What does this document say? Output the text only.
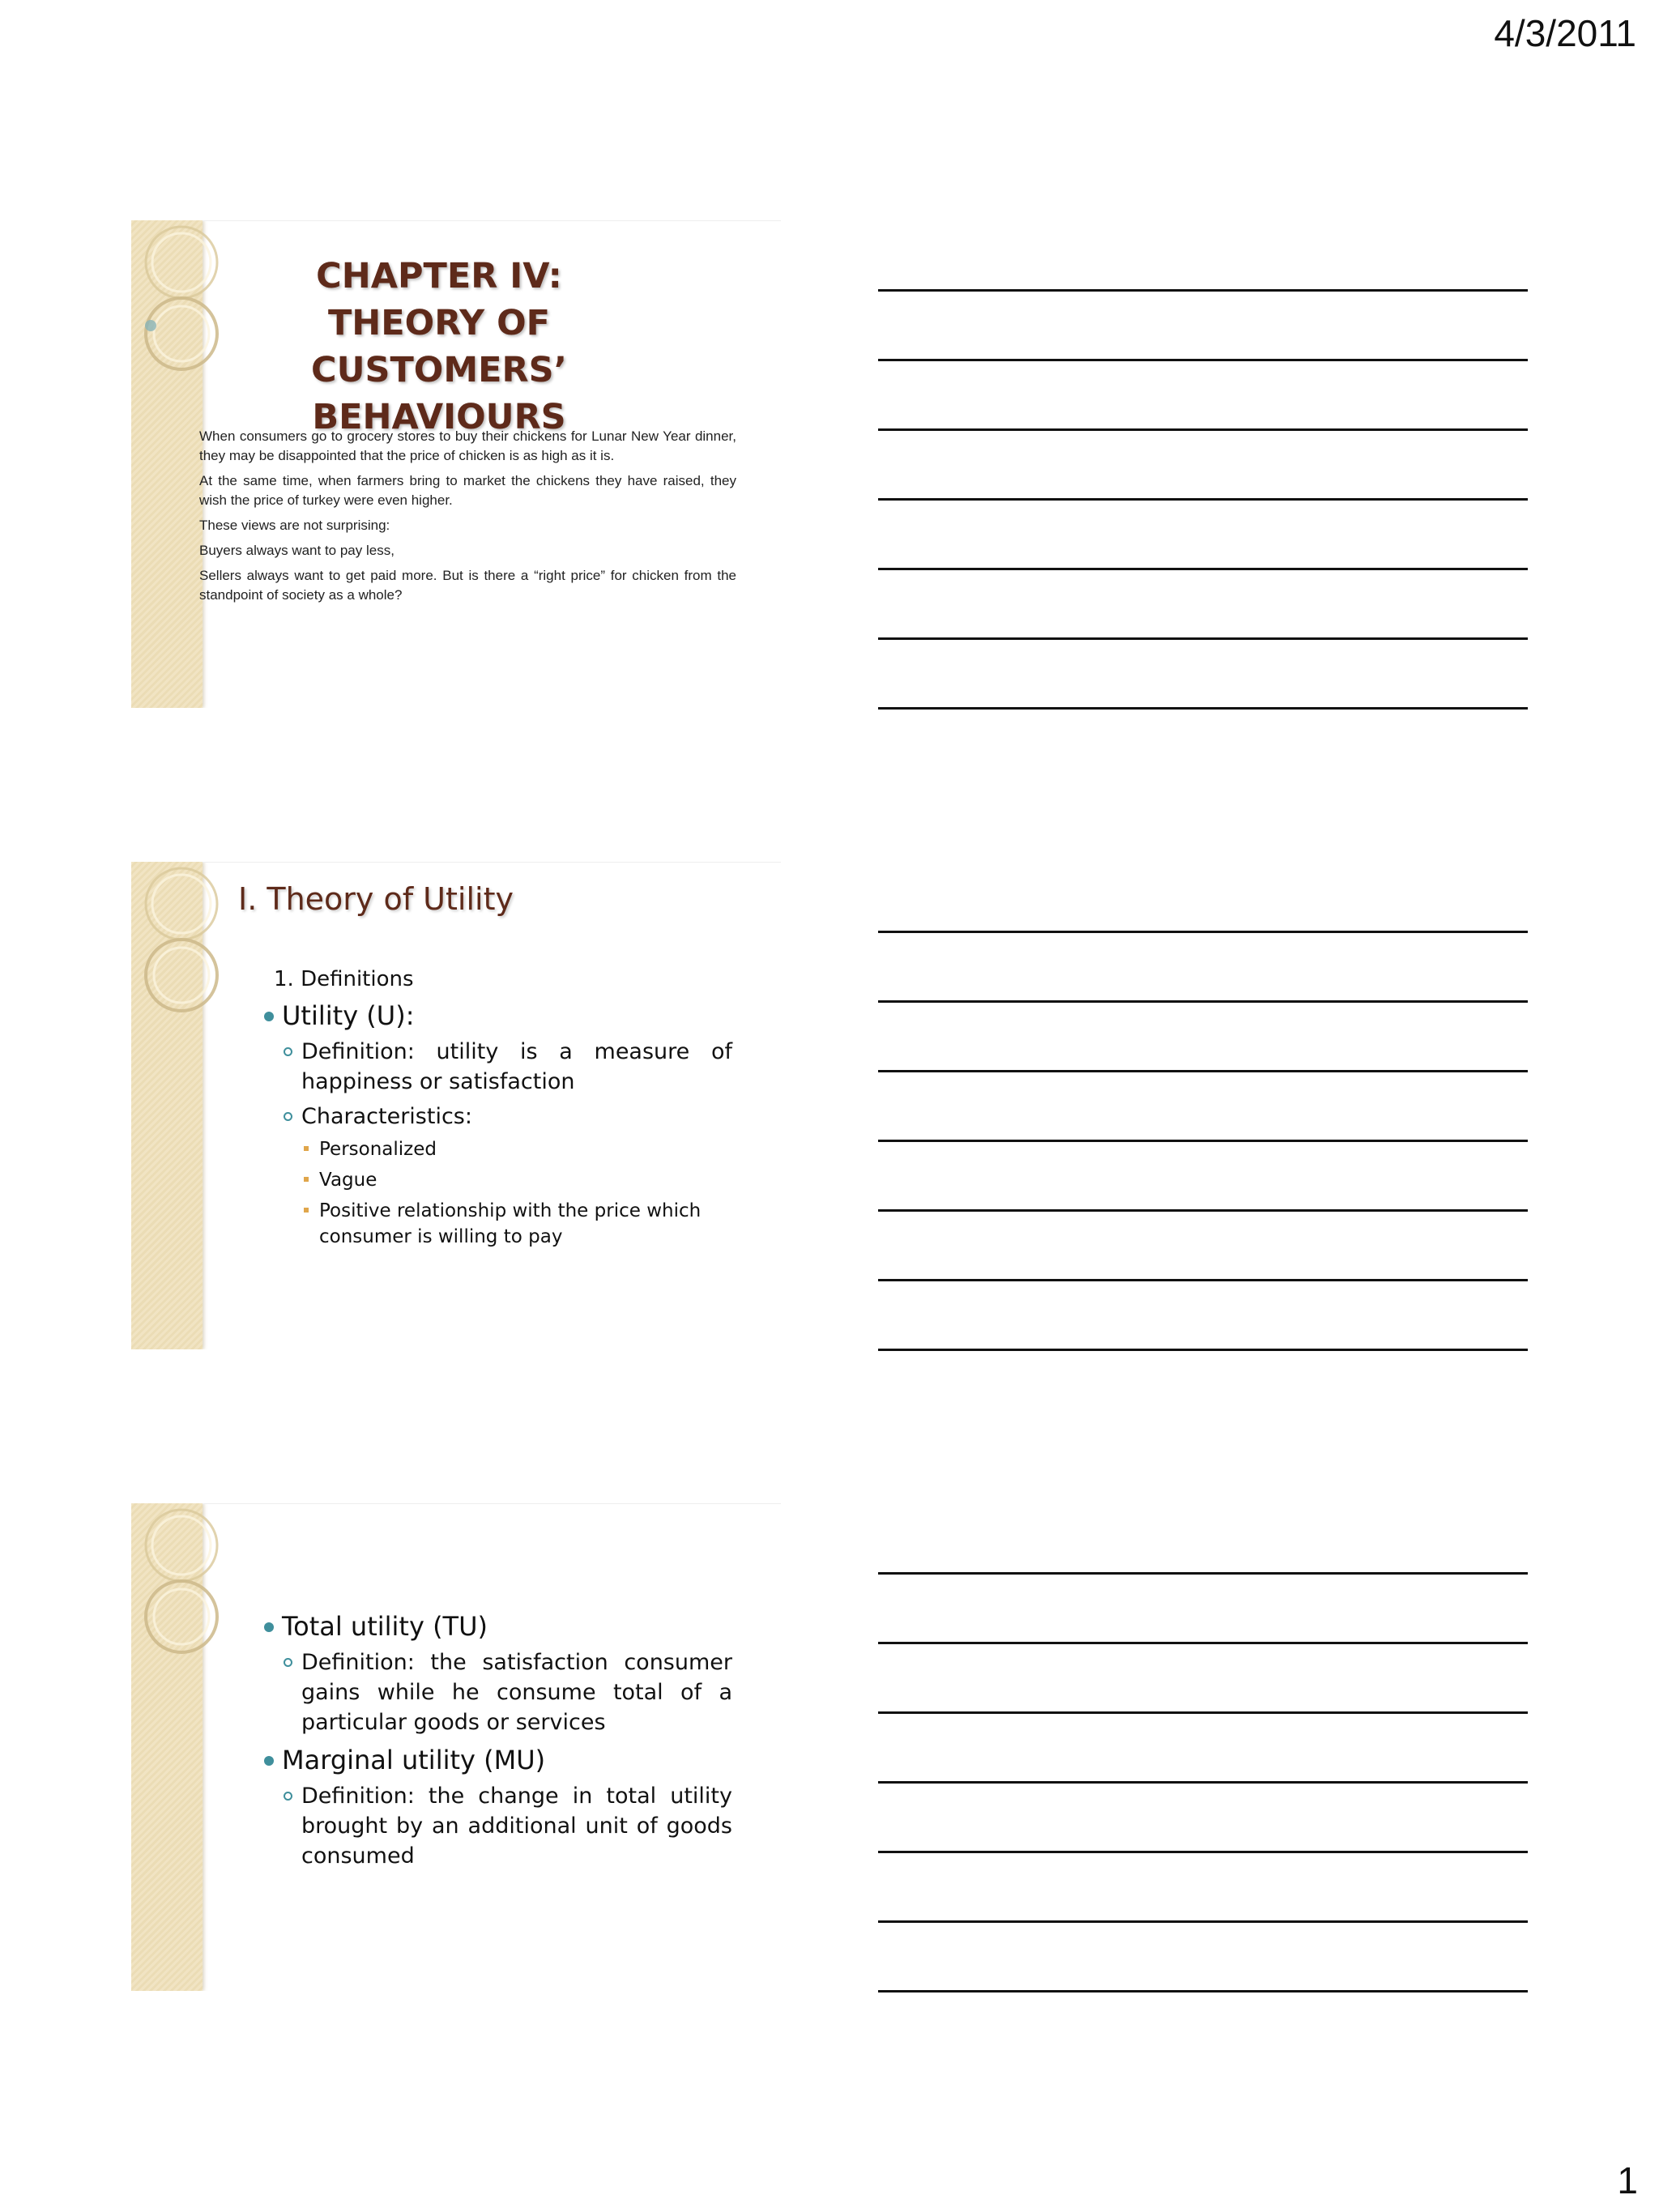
4/3/2011
CHAPTER IV:
THEORY OF CUSTOMERS’
BEHAVIOURS

When consumers go to grocery stores to buy their chickens for Lunar New Year dinner, they may be disappointed that the price of chicken is as high as it is.

At the same time, when farmers bring to market the chickens they have raised, they wish the price of turkey were even higher.

These views are not surprising:

Buyers always want to pay less,

Sellers always want to get paid more. But is there a “right price” for chicken from the standpoint of society as a whole?

I. Theory of Utility
1. Definitions
Utility (U):
Definition: utility is a measure of happiness or satisfaction
Characteristics:
Personalized
Vague
Positive relationship with the price which consumer is willing to pay
Total utility (TU)
Definition: the satisfaction consumer gains while he consume total of a particular goods or services
Marginal utility (MU)
Definition: the change in total utility brought by an additional unit of goods consumed
1
